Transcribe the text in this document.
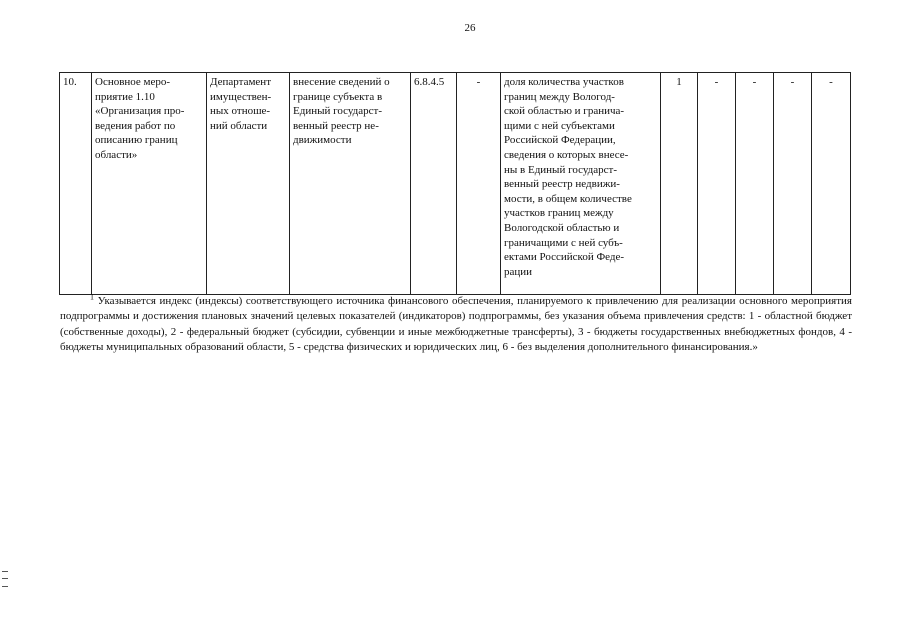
26
10.	Основное меро-
приятие 1.10
«Организация про-
ведения работ по
описанию границ
области»	Департамент
имуществен-
ных отноше-
ний области	внесение сведений о
границе субъекта в
Единый государст-
венный реестр не-
движимости	6.8.4.5	-	доля количества участков
границ между Вологод-
ской областью и гранича-
щими с ней субъектами
Российской Федерации,
сведения о которых внесе-
ны в Единый государст-
венный реестр недвижи-
мости, в общем количестве
участков границ между
Вологодской областью и
граничащими с ней субъ-
ектами Российской Феде-
рации	1	-	-	-	-

$^1$ Указывается индекс (индексы) соответствующего источника финансового обеспечения, планируемого к привлечению для реализации основного мероприятия подпрограммы и достижения плановых значений целевых показателей (индикаторов) подпрограммы, без указания объема привлечения средств: 1 - областной бюджет (собственные доходы), 2 - федеральный бюджет (субсидии, субвенции и иные межбюджетные трансферты), 3 - бюджеты государственных внебюджетных фондов, 4 - бюджеты муниципальных образований области, 5 - средства физических и юридических лиц, 6 - без выделения дополнительного финансирования.»
